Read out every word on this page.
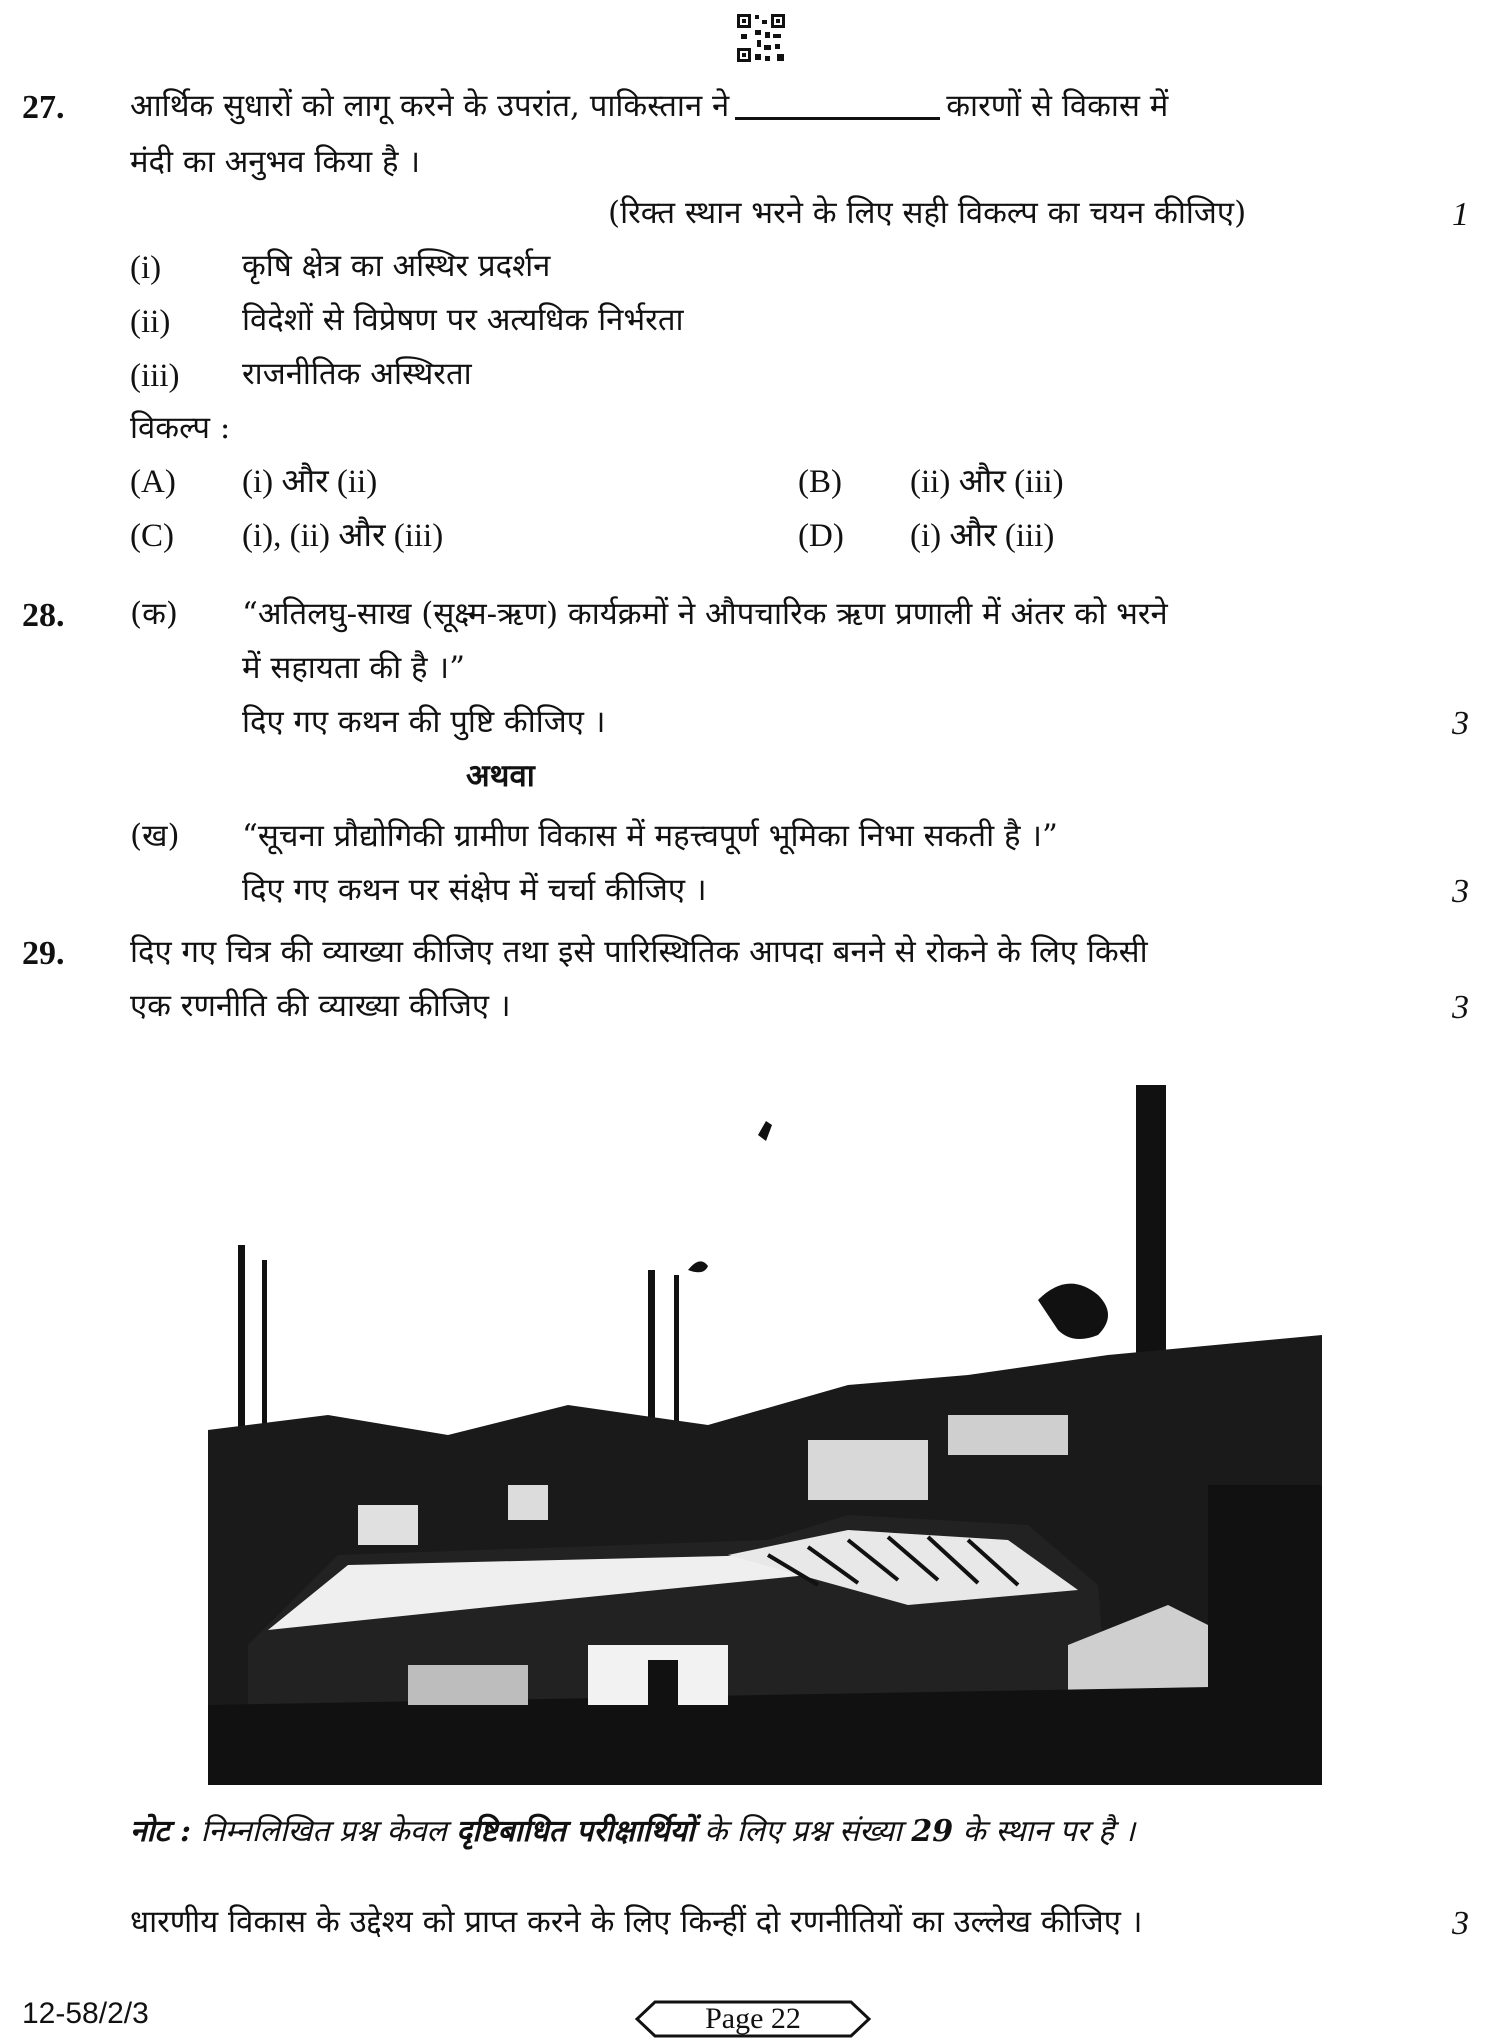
27. आर्थिक सुधारों को लागू करने के उपरांत, पाकिस्तान ने	कारणों से विकास में
मंदी का अनुभव किया है ।
(रिक्त स्थान भरने के लिए सही विकल्प का चयन कीजिए)	1
(i)	कृषि क्षेत्र का अस्थिर प्रदर्शन
(ii) विदेशों से विप्रेषण पर अत्यधिक निर्भरता
(iii) राजनीतिक अस्थिरता
विकल्प :
(A) (i) और (ii)	(B) (ii) और (iii)
(C) (i), (ii) और (iii)	(D) (i) और (iii)
28. (क) “अतिलघु-साख (सूक्ष्म-ऋण) कार्यक्रमों ने औपचारिक ऋण प्रणाली में अंतर को भरने
में सहायता की है ।”
दिए गए कथन की पुष्टि कीजिए ।	3
अथवा
(ख) “सूचना प्रौद्योगिकी ग्रामीण विकास में महत्त्वपूर्ण भूमिका निभा सकती है ।”
दिए गए कथन पर संक्षेप में चर्चा कीजिए ।	3
29. दिए गए चित्र की व्याख्या कीजिए तथा इसे पारिस्थितिक आपदा बनने से रोकने के लिए किसी
एक रणनीति की व्याख्या कीजिए ।	3
नोट : निम्नलिखित प्रश्न केवल दृष्टिबाधित परीक्षार्थियों के लिए प्रश्न संख्या 29 के स्थान पर है ।
धारणीय विकास के उद्देश्य को प्राप्त करने के लिए किन्हीं दो रणनीतियों का उल्लेख कीजिए ।	3
12-58/2/3	Page 22
